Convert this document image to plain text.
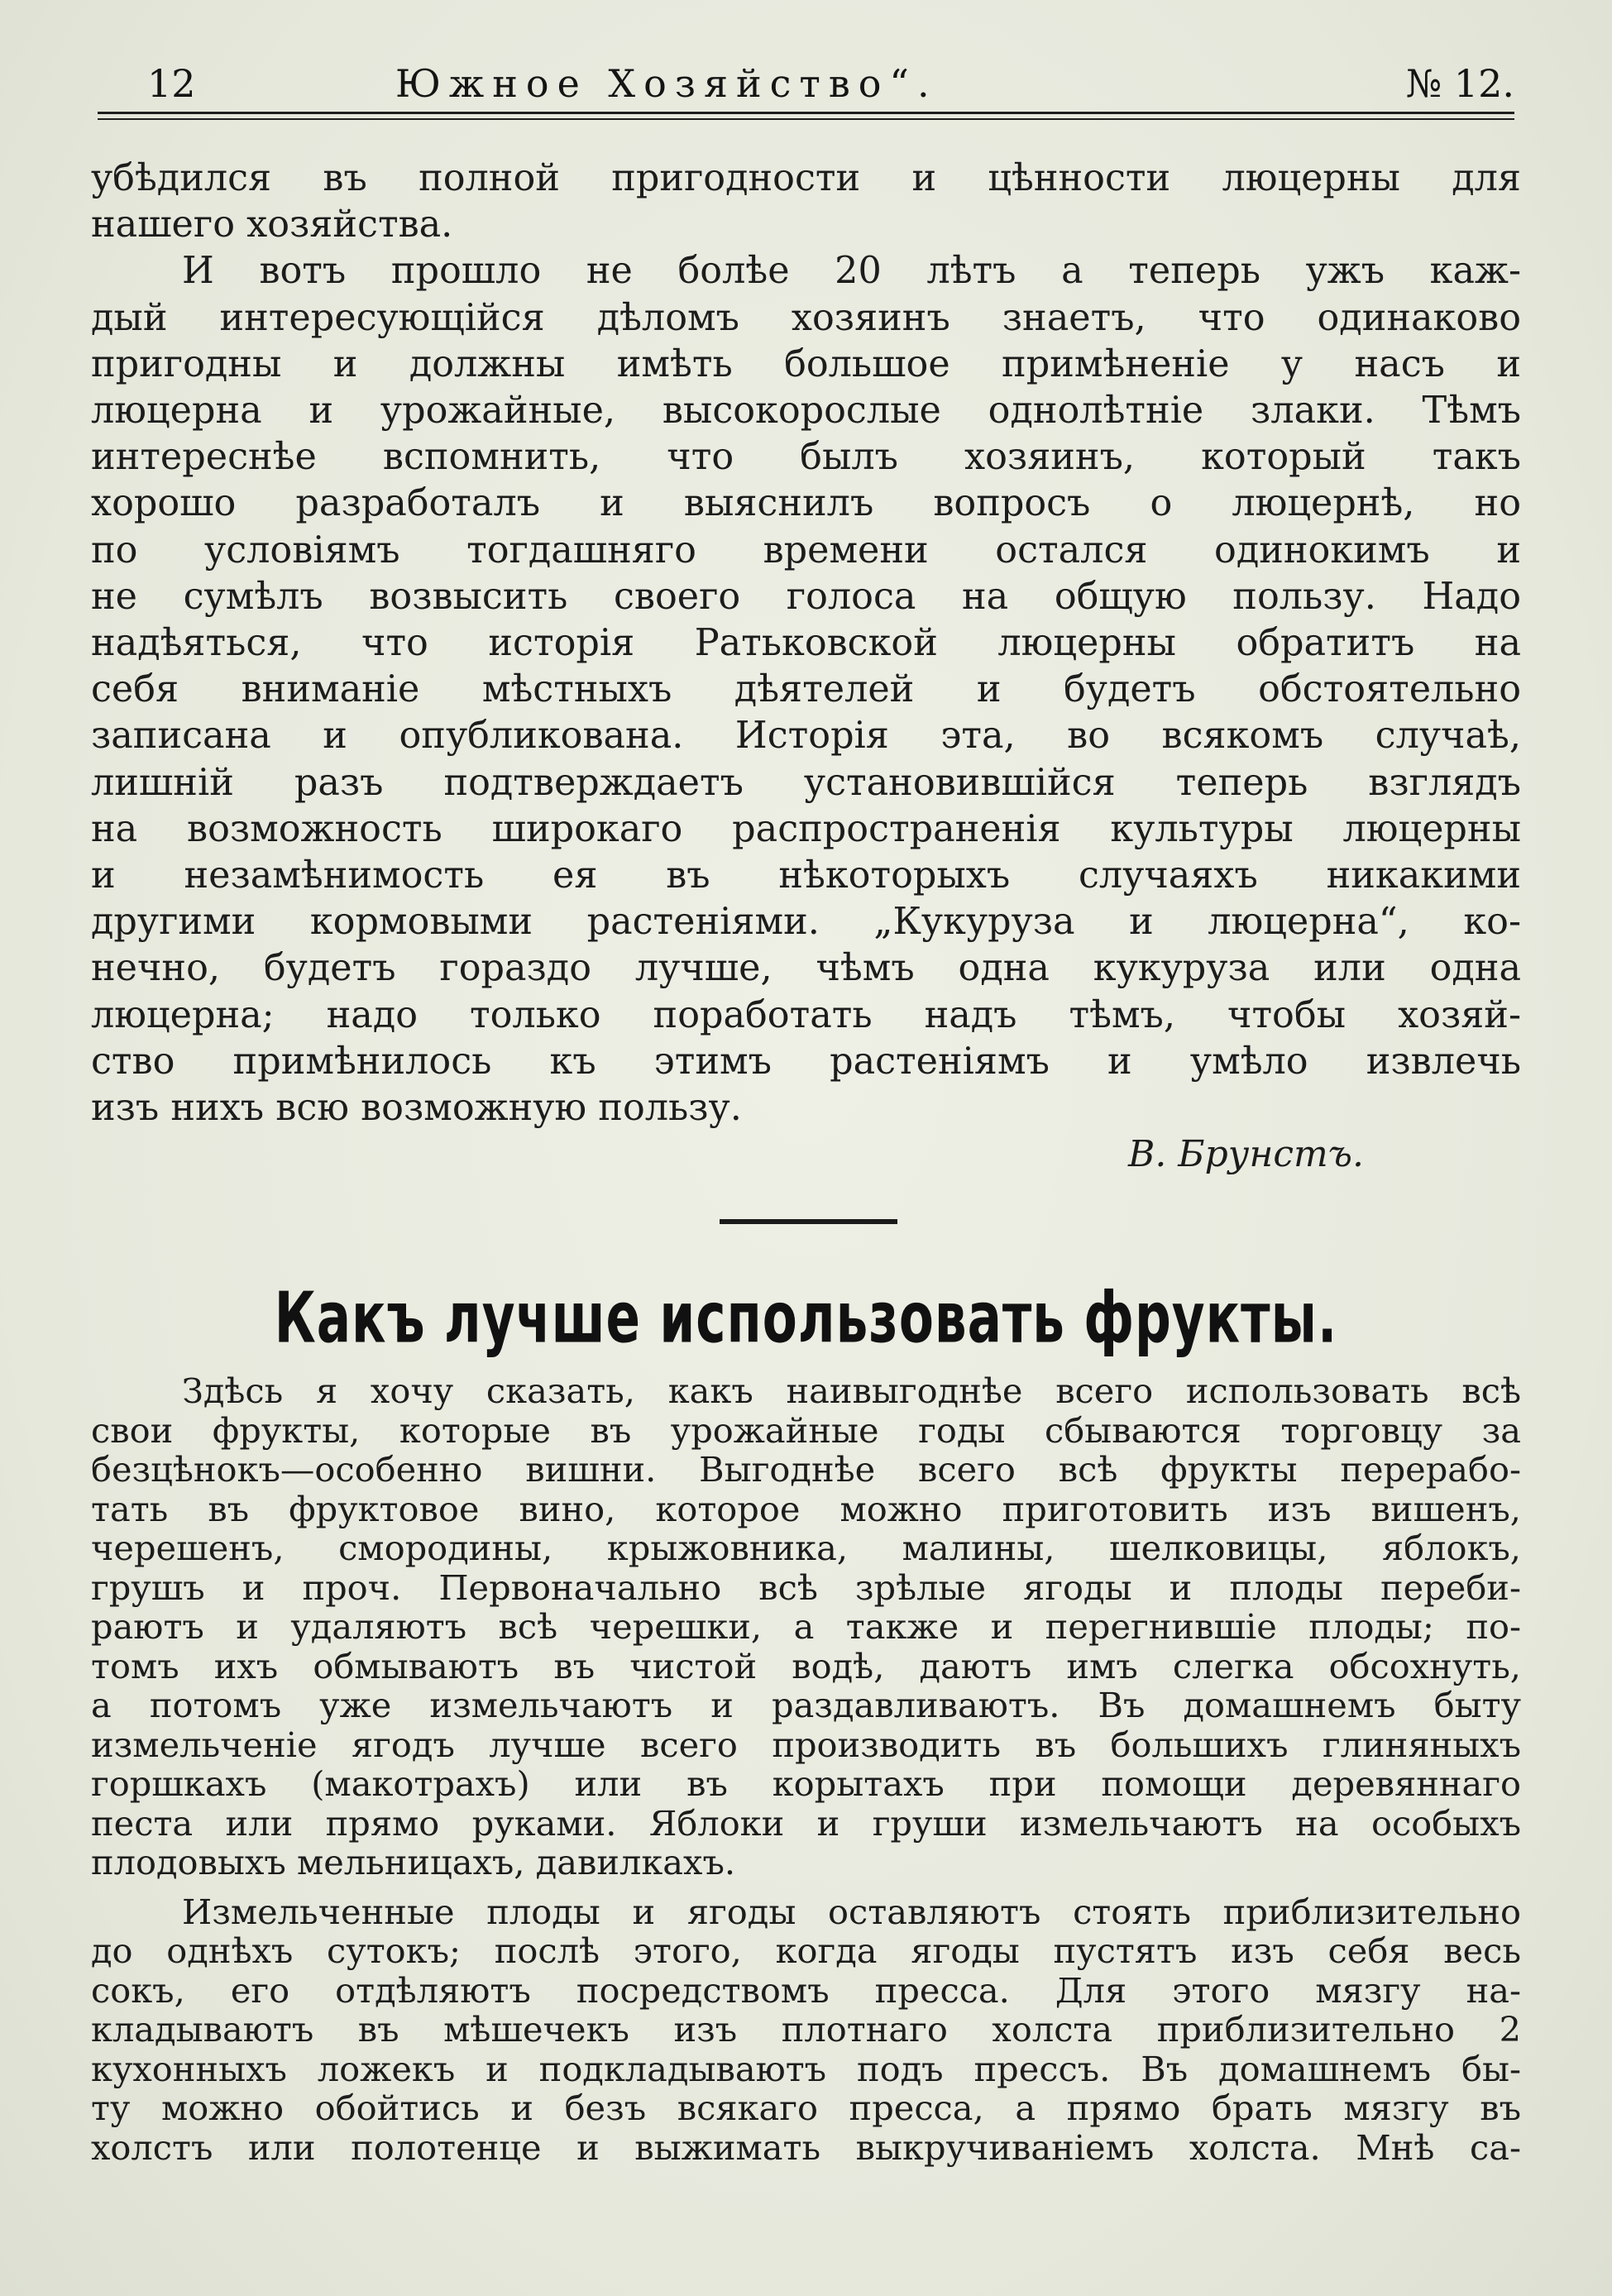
12	Южное Хозяйство“.	№ 12.
убѣдился въ полной пригодности и цѣнности люцерны для
нашего хозяйства.
И вотъ прошло не болѣе 20 лѣтъ а теперь ужъ каж-
дый интересующійся дѣломъ хозяинъ знаетъ, что одинаково
пригодны и должны имѣть большое примѣненіе у насъ и
люцерна и урожайные, высокорослые однолѣтніе злаки. Тѣмъ
интереснѣе вспомнить, что былъ хозяинъ, который такъ
хорошо разработалъ и выяснилъ вопросъ о люцернѣ, но
по условіямъ тогдашняго времени остался одинокимъ и
не сумѣлъ возвысить своего голоса на общую пользу. Надо
надѣяться, что исторія Ратьковской люцерны обратитъ на
себя вниманіе мѣстныхъ дѣятелей и будетъ обстоятельно
записана и опубликована. Исторія эта, во всякомъ случаѣ,
лишній разъ подтверждаетъ установившійся теперь взглядъ
на возможность широкаго распространенія культуры люцерны
и незамѣнимость ея въ нѣкоторыхъ случаяхъ никакими
другими кормовыми растеніями. „Кукуруза и люцерна“, ко-
нечно, будетъ гораздо лучше, чѣмъ одна кукуруза или одна
люцерна; надо только поработать надъ тѣмъ, чтобы хозяй-
ство примѣнилось къ этимъ растеніямъ и умѣло извлечь
изъ нихъ всю возможную пользу.
В. Брунстъ.
Какъ лучше использовать фрукты.
Здѣсь я хочу сказать, какъ наивыгоднѣе всего использовать всѣ
свои фрукты, которые въ урожайные годы сбываются торговцу за
безцѣнокъ—особенно вишни. Выгоднѣе всего всѣ фрукты перерабо-
тать въ фруктовое вино, которое можно приготовить изъ вишенъ,
черешенъ, смородины, крыжовника, малины, шелковицы, яблокъ,
грушъ и проч. Первоначально всѣ зрѣлые ягоды и плоды переби-
раютъ и удаляютъ всѣ черешки, а также и перегнившіе плоды; по-
томъ ихъ обмываютъ въ чистой водѣ, даютъ имъ слегка обсохнуть,
а потомъ уже измельчаютъ и раздавливаютъ. Въ домашнемъ быту
измельченіе ягодъ лучше всего производить въ большихъ глиняныхъ
горшкахъ (макотрахъ) или въ корытахъ при помощи деревяннаго
песта или прямо руками. Яблоки и груши измельчаютъ на особыхъ
плодовыхъ мельницахъ, давилкахъ.
Измельченные плоды и ягоды оставляютъ стоять приблизительно
до однѣхъ сутокъ; послѣ этого, когда ягоды пустятъ изъ себя весь
сокъ, его отдѣляютъ посредствомъ пресса. Для этого мязгу на-
кладываютъ въ мѣшечекъ изъ плотнаго холста приблизительно 2
кухонныхъ ложекъ и подкладываютъ подъ прессъ. Въ домашнемъ бы-
ту можно обойтись и безъ всякаго пресса, а прямо брать мязгу въ
холстъ или полотенце и выжимать выкручиваніемъ холста. Мнѣ са-
